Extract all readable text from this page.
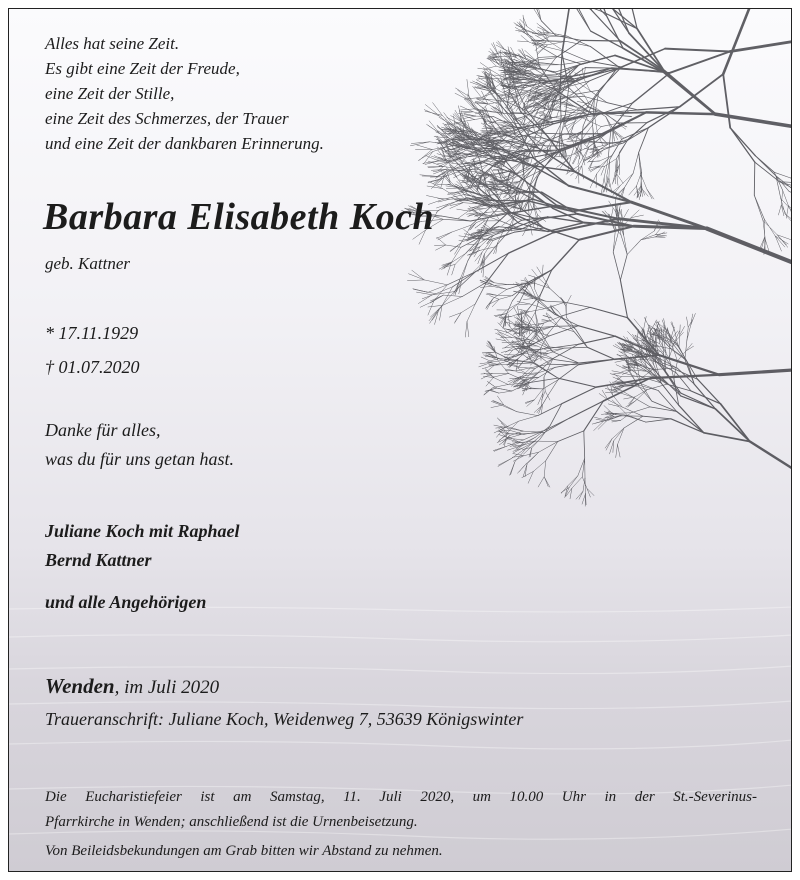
Alles hat seine Zeit.
Es gibt eine Zeit der Freude,
eine Zeit der Stille,
eine Zeit des Schmerzes, der Trauer
und eine Zeit der dankbaren Erinnerung.
Barbara Elisabeth Koch
geb. Kattner
* 17.11.1929
† 01.07.2020
Danke für alles,
was du für uns getan hast.
Juliane Koch mit Raphael
Bernd Kattner
und alle Angehörigen
Wenden, im Juli 2020
Traueranschrift: Juliane Koch, Weidenweg 7, 53639 Königswinter
Die Eucharistiefeier ist am Samstag, 11. Juli 2020, um 10.00 Uhr in der St.-Severinus-
Pfarrkirche in Wenden; anschließend ist die Urnenbeisetzung.
Von Beileidsbekundungen am Grab bitten wir Abstand zu nehmen.
